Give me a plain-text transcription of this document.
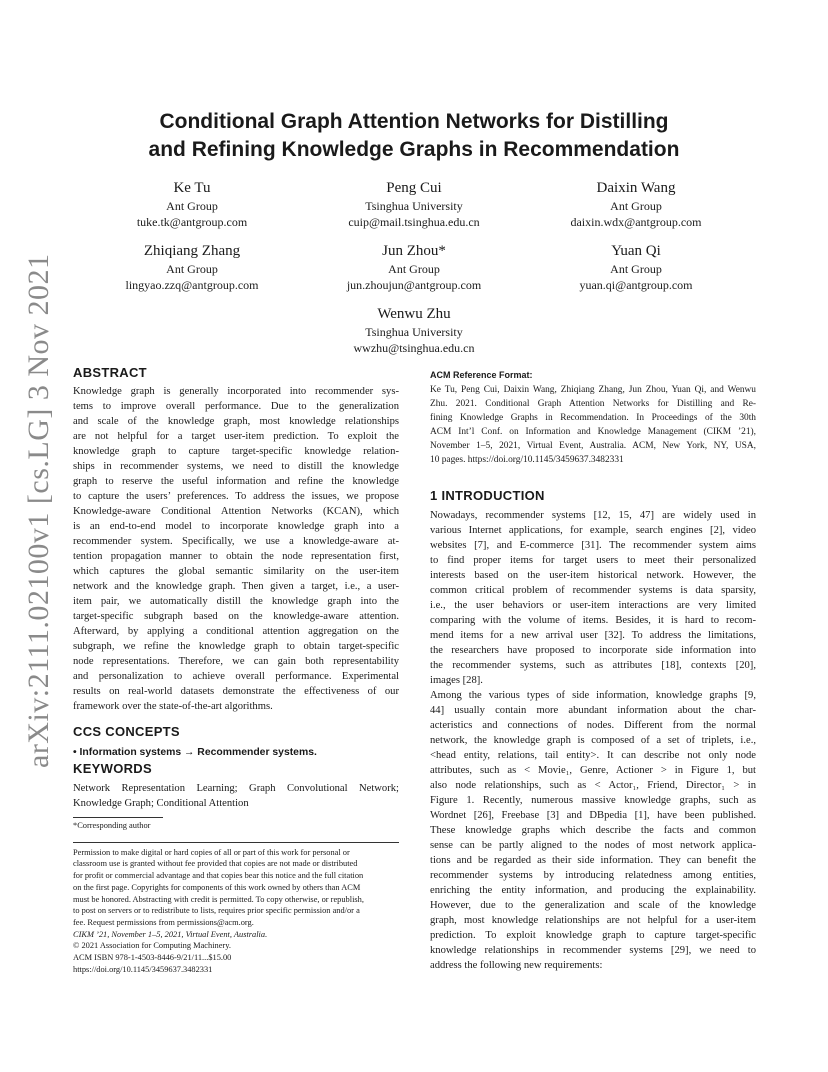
arXiv:2111.02100v1 [cs.LG] 3 Nov 2021
Conditional Graph Attention Networks for Distilling
and Refining Knowledge Graphs in Recommendation
Ke Tu
Ant Group
tuke.tk@antgroup.com
Peng Cui
Tsinghua University
cuip@mail.tsinghua.edu.cn
Daixin Wang
Ant Group
daixin.wdx@antgroup.com
Zhiqiang Zhang
Ant Group
lingyao.zzq@antgroup.com
Jun Zhou*
Ant Group
jun.zhoujun@antgroup.com
Yuan Qi
Ant Group
yuan.qi@antgroup.com
Wenwu Zhu
Tsinghua University
wwzhu@tsinghua.edu.cn
ABSTRACT
Knowledge graph is generally incorporated into recommender sys-
tems to improve overall performance. Due to the generalization
and scale of the knowledge graph, most knowledge relationships
are not helpful for a target user-item prediction. To exploit the
knowledge graph to capture target-specific knowledge relation-
ships in recommender systems, we need to distill the knowledge
graph to reserve the useful information and refine the knowledge
to capture the users’ preferences. To address the issues, we propose
Knowledge-aware Conditional Attention Networks (KCAN), which
is an end-to-end model to incorporate knowledge graph into a
recommender system. Specifically, we use a knowledge-aware at-
tention propagation manner to obtain the node representation first,
which captures the global semantic similarity on the user-item
network and the knowledge graph. Then given a target, i.e., a user-
item pair, we automatically distill the knowledge graph into the
target-specific subgraph based on the knowledge-aware attention.
Afterward, by applying a conditional attention aggregation on the
subgraph, we refine the knowledge graph to obtain target-specific
node representations. Therefore, we can gain both representability
and personalization to achieve overall performance. Experimental
results on real-world datasets demonstrate the effectiveness of our
framework over the state-of-the-art algorithms.
CCS CONCEPTS
• Information systems → Recommender systems.
KEYWORDS
Network Representation Learning; Graph Convolutional Network;
Knowledge Graph; Conditional Attention
*Corresponding author
Permission to make digital or hard copies of all or part of this work for personal or
classroom use is granted without fee provided that copies are not made or distributed
for profit or commercial advantage and that copies bear this notice and the full citation
on the first page. Copyrights for components of this work owned by others than ACM
must be honored. Abstracting with credit is permitted. To copy otherwise, or republish,
to post on servers or to redistribute to lists, requires prior specific permission and/or a
fee. Request permissions from permissions@acm.org.
CIKM ’21, November 1–5, 2021, Virtual Event, Australia.
© 2021 Association for Computing Machinery.
ACM ISBN 978-1-4503-8446-9/21/11...$15.00
https://doi.org/10.1145/3459637.3482331
ACM Reference Format:
Ke Tu, Peng Cui, Daixin Wang, Zhiqiang Zhang, Jun Zhou, Yuan Qi, and Wenwu
Zhu. 2021. Conditional Graph Attention Networks for Distilling and Re-
fining Knowledge Graphs in Recommendation. In Proceedings of the 30th
ACM Int’l Conf. on Information and Knowledge Management (CIKM ’21),
November 1–5, 2021, Virtual Event, Australia. ACM, New York, NY, USA,
10 pages. https://doi.org/10.1145/3459637.3482331
1 INTRODUCTION
Nowadays, recommender systems [12, 15, 47] are widely used in
various Internet applications, for example, search engines [2], video
websites [7], and E-commerce [31]. The recommender system aims
to find proper items for target users to meet their personalized
interests based on the user-item historical network. However, the
common critical problem of recommender systems is data sparsity,
i.e., the user behaviors or user-item interactions are very limited
comparing with the volume of items. Besides, it is hard to recom-
mend items for a new arrival user [32]. To address the limitations,
the researchers have proposed to incorporate side information into
the recommender systems, such as attributes [18], contexts [20],
images [28].
Among the various types of side information, knowledge graphs [9,
44] usually contain more abundant information about the char-
acteristics and connections of nodes. Different from the normal
network, the knowledge graph is composed of a set of triplets, i.e.,
<head entity, relations, tail entity>. It can describe not only node
attributes, such as < Movie₁, Genre, Actioner > in Figure 1, but
also node relationships, such as < Actor₁, Friend, Director₁ > in
Figure 1. Recently, numerous massive knowledge graphs, such as
Wordnet [26], Freebase [3] and DBpedia [1], have been published.
These knowledge graphs which describe the facts and common
sense can be partly aligned to the nodes of most network applica-
tions and be regarded as their side information. They can benefit the
recommender systems by introducing relatedness among entities,
enriching the entity information, and producing the explainability.
However, due to the generalization and scale of the knowledge
graph, most knowledge relationships are not helpful for a user-item
prediction. To exploit knowledge graph to capture target-specific
knowledge relationships in recommender systems [29], we need to
address the following new requirements:
